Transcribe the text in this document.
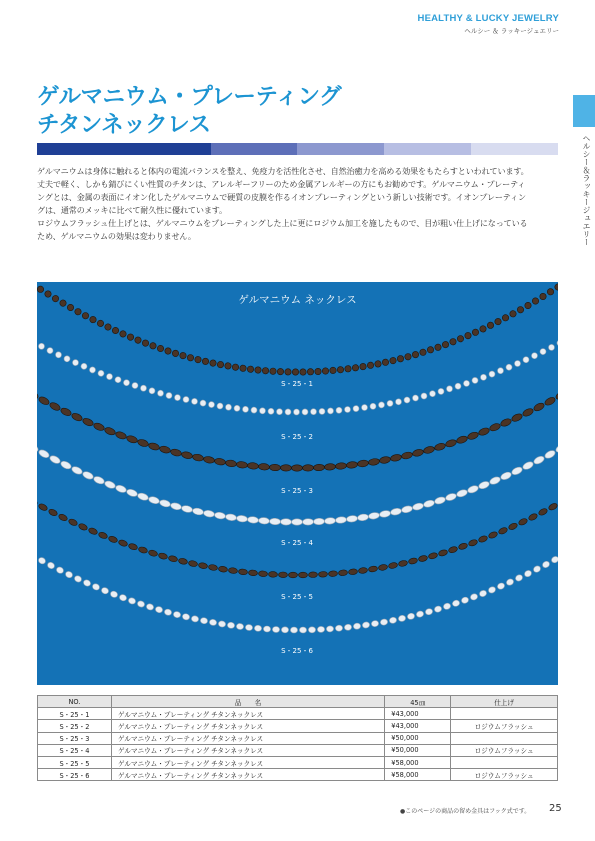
HEALTHY & LUCKY JEWELRY
ヘルシー ＆ ラッキージュエリー
ヘルシー＆ラッキージュエリー
ゲルマニウム・プレーティング
チタンネックレス
ゲルマニウムは身体に触れると体内の電流バランスを整え、免疫力を活性化させ、自然治癒力を高める効果をもたらすといわれています。
丈夫で軽く、しかも錆びにくい性質のチタンは、アレルギーフリーのため金属アレルギーの方にもお勧めです。ゲルマニウム・プレーティ
ングとは、金属の表面にイオン化したゲルマニウムで硬質の皮膜を作るイオンプレーティングという新しい技術です。イオンプレーティン
グは、通常のメッキに比べて耐久性に優れています。
ロジウムフラッシュ仕上げとは、ゲルマニウムをプレーティングした上に更にロジウム加工を施したもので、目が粗い仕上げになっている
ため、ゲルマニウムの効果は変わりません。
ゲルマニウム ネックレス
S・25・1
S・25・2
S・25・3
S・25・4
S・25・5
S・25・6
NO.	品　　名	45㎝	仕上げ
S・25・1	ゲルマニウム・プレーティング チタンネックレス	¥43,000	
S・25・2	ゲルマニウム・プレーティング チタンネックレス	¥43,000	ロジウムフラッシュ
S・25・3	ゲルマニウム・プレーティング チタンネックレス	¥50,000	
S・25・4	ゲルマニウム・プレーティング チタンネックレス	¥50,000	ロジウムフラッシュ
S・25・5	ゲルマニウム・プレーティング チタンネックレス	¥58,000	
S・25・6	ゲルマニウム・プレーティング チタンネックレス	¥58,000	ロジウムフラッシュ
●このページの商品の留め金具はフック式です。 25
